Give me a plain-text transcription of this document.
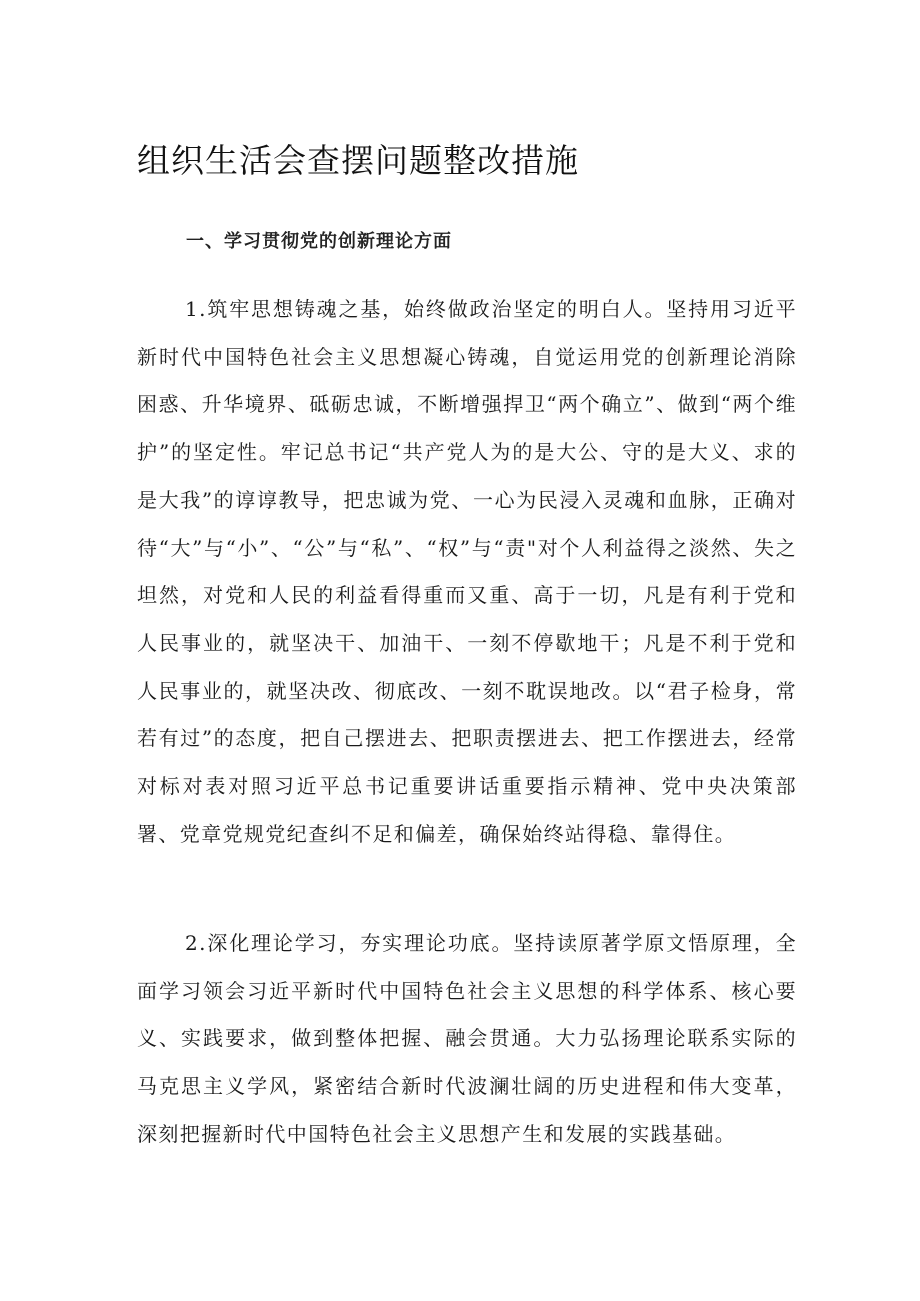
组织生活会查摆问题整改措施
一、学习贯彻党的创新理论方面

1.筑牢思想铸魂之基，始终做政治坚定的明白人。坚持用习近平新时代中国特色社会主义思想凝心铸魂，自觉运用党的创新理论消除困惑、升华境界、砥砺忠诚，不断增强捍卫“两个确立”、做到“两个维护”的坚定性。牢记总书记“共产党人为的是大公、守的是大义、求的是大我”的谆谆教导，把忠诚为党、一心为民浸入灵魂和血脉，正确对待“大”与“小”、“公”与“私”、“权”与“责"对个人利益得之淡然、失之坦然，对党和人民的利益看得重而又重、高于一切，凡是有利于党和人民事业的，就坚决干、加油干、一刻不停歇地干；凡是不利于党和人民事业的，就坚决改、彻底改、一刻不耽误地改。以“君子检身，常若有过”的态度，把自己摆进去、把职责摆进去、把工作摆进去，经常对标对表对照习近平总书记重要讲话重要指示精神、党中央决策部署、党章党规党纪查纠不足和偏差，确保始终站得稳、靠得住。

2.深化理论学习，夯实理论功底。坚持读原著学原文悟原理，全面学习领会习近平新时代中国特色社会主义思想的科学体系、核心要义、实践要求，做到整体把握、融会贯通。大力弘扬理论联系实际的马克思主义学风，紧密结合新时代波澜壮阔的历史进程和伟大变革，深刻把握新时代中国特色社会主义思想产生和发展的实践基础。
